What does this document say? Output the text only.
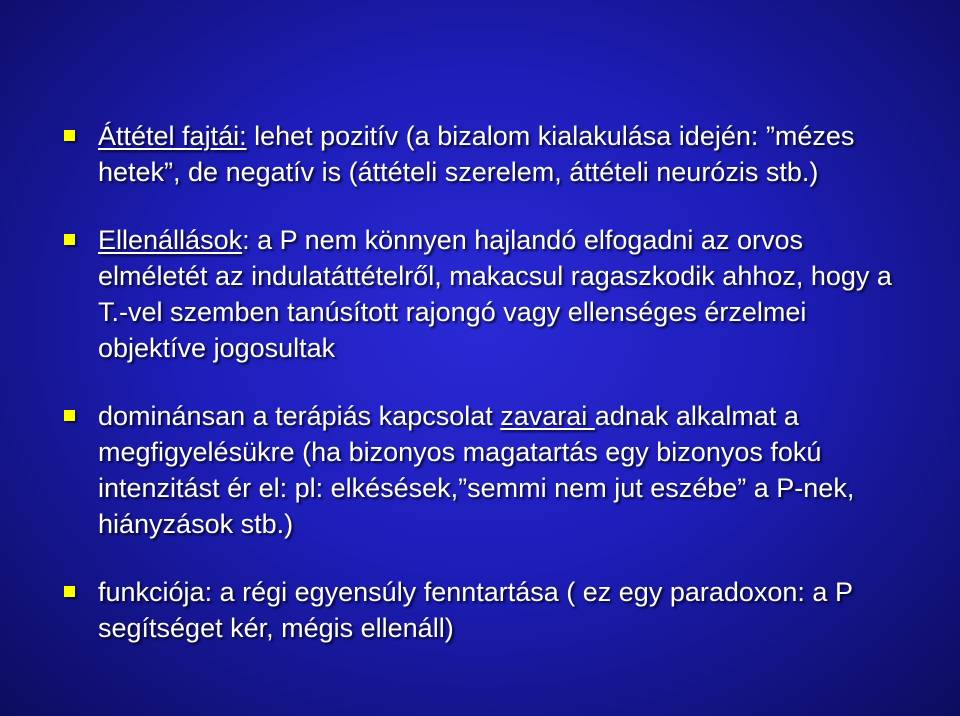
Áttétel fajtái: lehet pozitív (a bizalom kialakulása idején: ”mézes hetek”, de negatív is (áttételi szerelem, áttételi neurózis stb.)
Ellenállások: a P nem könnyen hajlandó elfogadni az orvos elméletét az indulatáttételről, makacsul ragaszkodik ahhoz, hogy a T.-vel szemben tanúsított rajongó vagy ellenséges érzelmei objektíve jogosultak
dominánsan a terápiás kapcsolat zavarai adnak alkalmat a megfigyelésükre (ha bizonyos magatartás egy bizonyos fokú intenzitást ér el: pl: elkésések,”semmi nem jut eszébe” a P-nek, hiányzások stb.)
funkciója: a régi egyensúly fenntartása ( ez egy paradoxon: a P segítséget kér, mégis ellenáll)
